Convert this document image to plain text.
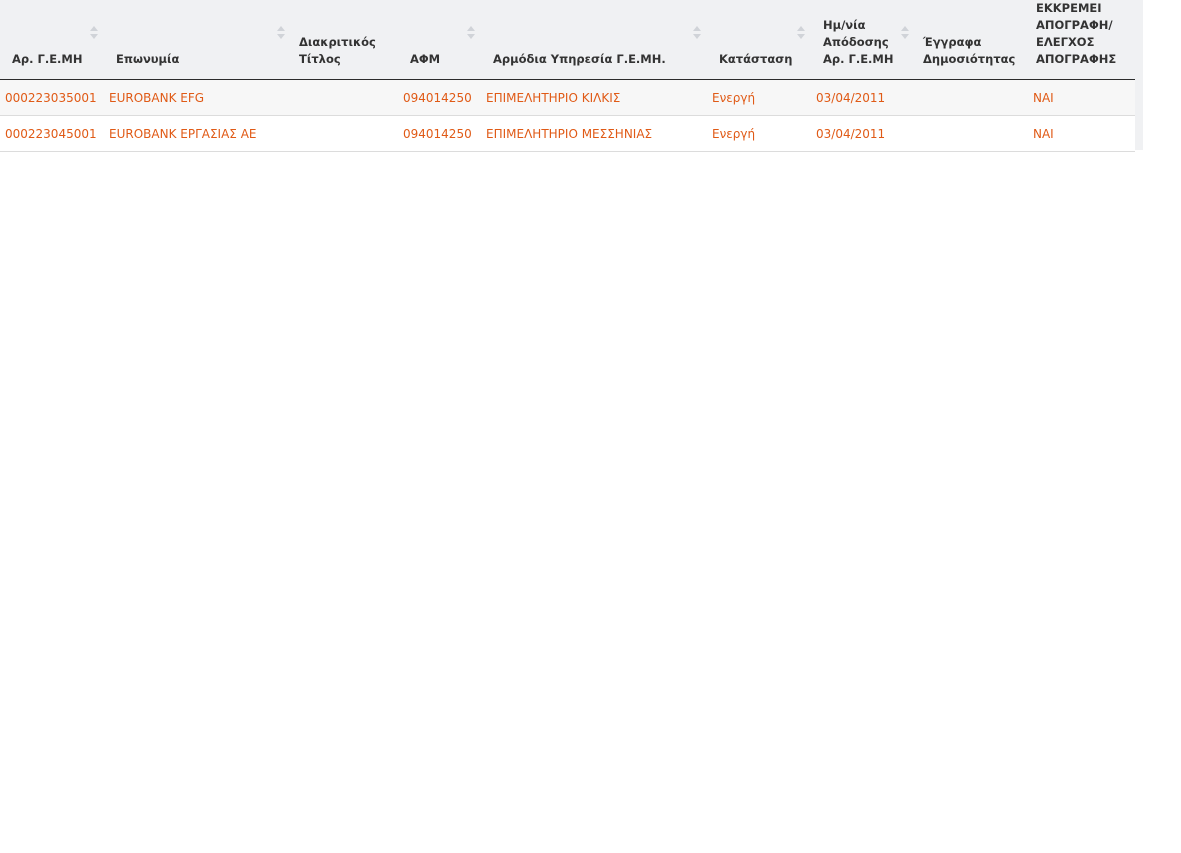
Αρ. Γ.Ε.ΜΗ	Επωνυμία	Διακριτικός Τίτλος	ΑΦΜ	Αρμόδια Υπηρεσία Γ.Ε.ΜΗ.	Κατάσταση	Ημ/νία Απόδοσης Αρ. Γ.Ε.ΜΗ	Έγγραφα Δημοσιότητας	ΕΚΚΡΕΜΕΙ ΑΠΟΓΡΑΦΗ/ ΕΛΕΓΧΟΣ ΑΠΟΓΡΑΦΗΣ
000223035001	EUROBANK EFG		094014250	ΕΠΙΜΕΛΗΤΗΡΙΟ ΚΙΛΚΙΣ	Ενεργή	03/04/2011		ΝΑΙ
000223045001	EUROBANK ΕΡΓΑΣΙΑΣ ΑΕ		094014250	ΕΠΙΜΕΛΗΤΗΡΙΟ ΜΕΣΣΗΝΙΑΣ	Ενεργή	03/04/2011		ΝΑΙ
